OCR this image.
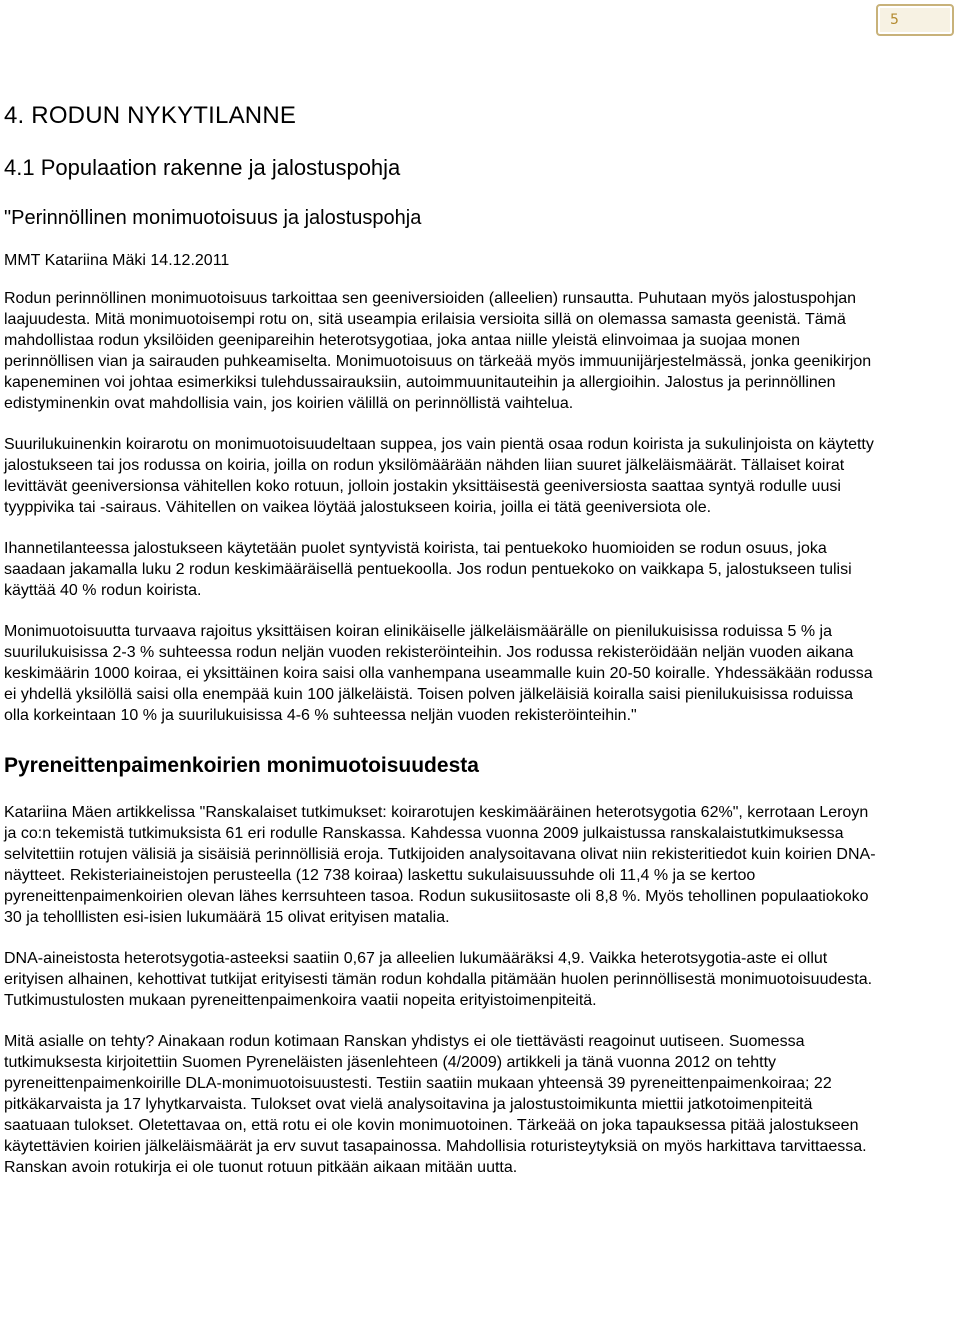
5
4. RODUN NYKYTILANNE
4.1 Populaation rakenne ja jalostuspohja
"Perinnöllinen monimuotoisuus ja jalostuspohja
MMT Katariina Mäki 14.12.2011

Rodun perinnöllinen monimuotoisuus tarkoittaa sen geeniversioiden (alleelien) runsautta. Puhutaan myös jalostuspohjan laajuudesta. Mitä monimuotoisempi rotu on, sitä useampia erilaisia versioita sillä on olemassa samasta geenistä. Tämä mahdollistaa rodun yksilöiden geenipareihin heterotsygotiaa, joka antaa niille yleistä elinvoimaa ja suojaa monen perinnöllisen vian ja sairauden puhkeamiselta. Monimuotoisuus on tärkeää myös immuunijärjestelmässä, jonka geenikirjon kapeneminen voi johtaa esimerkiksi tulehdussairauksiin, autoimmuunitauteihin ja allergioihin. Jalostus ja perinnöllinen edistyminenkin ovat mahdollisia vain, jos koirien välillä on perinnöllistä vaihtelua.

Suurilukuinenkin koirarotu on monimuotoisuudeltaan suppea, jos vain pientä osaa rodun koirista ja sukulinjoista on käytetty jalostukseen tai jos rodussa on koiria, joilla on rodun yksilömäärään nähden liian suuret jälkeläismäärät. Tällaiset koirat levittävät geeniversionsa vähitellen koko rotuun, jolloin jostakin yksittäisestä geeniversiosta saattaa syntyä rodulle uusi tyyppivika tai -sairaus. Vähitellen on vaikea löytää jalostukseen koiria, joilla ei tätä geeniversiota ole.

Ihannetilanteessa jalostukseen käytetään puolet syntyvistä koirista, tai pentuekoko huomioiden se rodun osuus, joka saadaan jakamalla luku 2 rodun keskimääräisellä pentuekoolla. Jos rodun pentuekoko on vaikkapa 5, jalostukseen tulisi käyttää 40 % rodun koirista.

Monimuotoisuutta turvaava rajoitus yksittäisen koiran elinikäiselle jälkeläismäärälle on pienilukuisissa roduissa 5 % ja suurilukuisissa 2-3 % suhteessa rodun neljän vuoden rekisteröinteihin. Jos rodussa rekisteröidään neljän vuoden aikana keskimäärin 1000 koiraa, ei yksittäinen koira saisi olla vanhempana useammalle kuin 20-50 koiralle. Yhdessäkään rodussa ei yhdellä yksilöllä saisi olla enempää kuin 100 jälkeläistä. Toisen polven jälkeläisiä koiralla saisi pienilukuisissa roduissa olla korkeintaan 10 % ja suurilukuisissa 4-6 % suhteessa neljän vuoden rekisteröinteihin."

Pyreneittenpaimenkoirien monimuotoisuudesta

Katariina Mäen artikkelissa "Ranskalaiset tutkimukset: koirarotujen keskimääräinen heterotsygotia 62%", kerrotaan Leroyn ja co:n tekemistä tutkimuksista 61 eri rodulle Ranskassa. Kahdessa vuonna 2009 julkaistussa ranskalaistutkimuksessa selvitettiin rotujen välisiä ja sisäisiä perinnöllisiä eroja. Tutkijoiden analysoitavana olivat niin rekisteritiedot kuin koirien DNA-näytteet. Rekisteriaineistojen perusteella (12 738 koiraa) laskettu sukulaisuussuhde oli 11,4 % ja se kertoo pyreneittenpaimenkoirien olevan lähes kerrsuhteen tasoa. Rodun sukusiitosaste oli 8,8 %. Myös tehollinen populaatiokoko 30 ja teholllisten esi-isien lukumäärä 15 olivat erityisen matalia.

DNA-aineistosta heterotsygotia-asteeksi saatiin 0,67 ja alleelien lukumääräksi 4,9. Vaikka heterotsygotia-aste ei ollut erityisen alhainen, kehottivat tutkijat erityisesti tämän rodun kohdalla pitämään huolen perinnöllisestä monimuotoisuudesta. Tutkimustulosten mukaan pyreneittenpaimenkoira vaatii nopeita erityistoimenpiteitä.

Mitä asialle on tehty? Ainakaan rodun kotimaan Ranskan yhdistys ei ole tiettävästi reagoinut uutiseen. Suomessa tutkimuksesta kirjoitettiin Suomen Pyreneläisten jäsenlehteen (4/2009) artikkeli ja tänä vuonna 2012 on tehtty pyreneittenpaimenkoirille DLA-monimuotoisuustesti. Testiin saatiin mukaan yhteensä 39 pyreneittenpaimenkoiraa; 22 pitkäkarvaista ja 17 lyhytkarvaista. Tulokset ovat vielä analysoitavina ja jalostustoimikunta miettii jatkotoimenpiteitä saatuaan tulokset. Oletettavaa on, että rotu ei ole kovin monimuotoinen. Tärkeää on joka tapauksessa pitää jalostukseen käytettävien koirien jälkeläismäärät ja erv suvut tasapainossa. Mahdollisia roturisteytyksiä on myös harkittava tarvittaessa. Ranskan avoin rotukirja ei ole tuonut rotuun pitkään aikaan mitään uutta.
